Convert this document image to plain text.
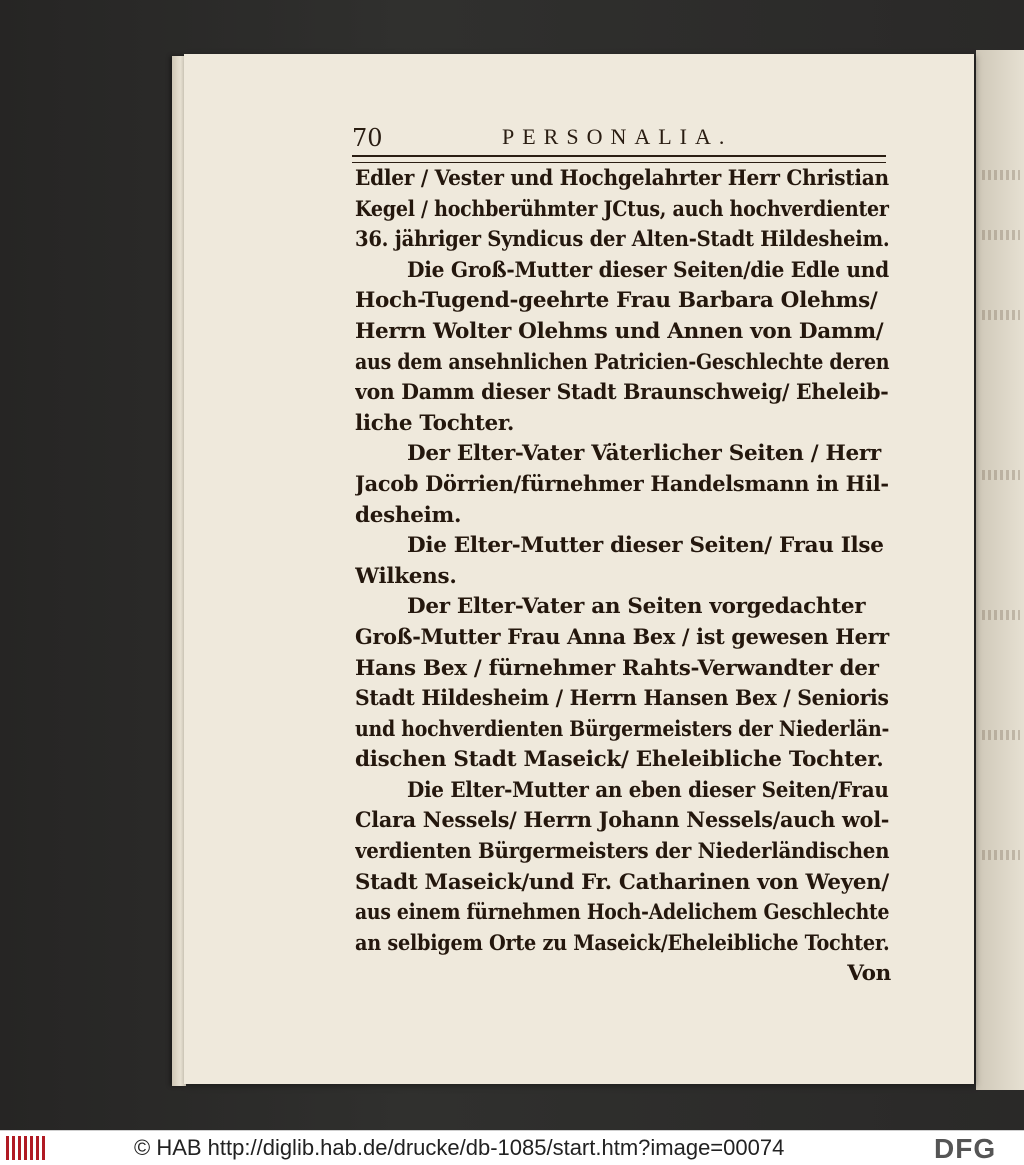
70	PERSONALIA.
Edler / Vester und Hochgelahrter Herr Christian
Kegel / hochberühmter JCtus, auch hochverdienter
36. jähriger Syndicus der Alten-Stadt Hildesheim.
Die Groß-Mutter dieser Seiten/die Edle und
Hoch-Tugend-geehrte Frau Barbara Olehms/
Herrn Wolter Olehms und Annen von Damm/
aus dem ansehnlichen Patricien-Geschlechte deren
von Damm dieser Stadt Braunschweig/ Eheleib-
liche Tochter.
Der Elter-Vater Väterlicher Seiten / Herr
Jacob Dörrien/fürnehmer Handelsmann in Hil-
desheim.
Die Elter-Mutter dieser Seiten/ Frau Ilse
Wilkens.
Der Elter-Vater an Seiten vorgedachter
Groß-Mutter Frau Anna Bex / ist gewesen Herr
Hans Bex / fürnehmer Rahts-Verwandter der
Stadt Hildesheim / Herrn Hansen Bex / Senioris
und hochverdienten Bürgermeisters der Niederlän-
dischen Stadt Maseick/ Eheleibliche Tochter.
Die Elter-Mutter an eben dieser Seiten/Frau
Clara Nessels/ Herrn Johann Nessels/auch wol-
verdienten Bürgermeisters der Niederländischen
Stadt Maseick/und Fr. Catharinen von Weyen/
aus einem fürnehmen Hoch-Adelichem Geschlechte
an selbigem Orte zu Maseick/Eheleibliche Tochter.
Von
© HAB http://diglib.hab.de/drucke/db-1085/start.htm?image=00074	DFG
